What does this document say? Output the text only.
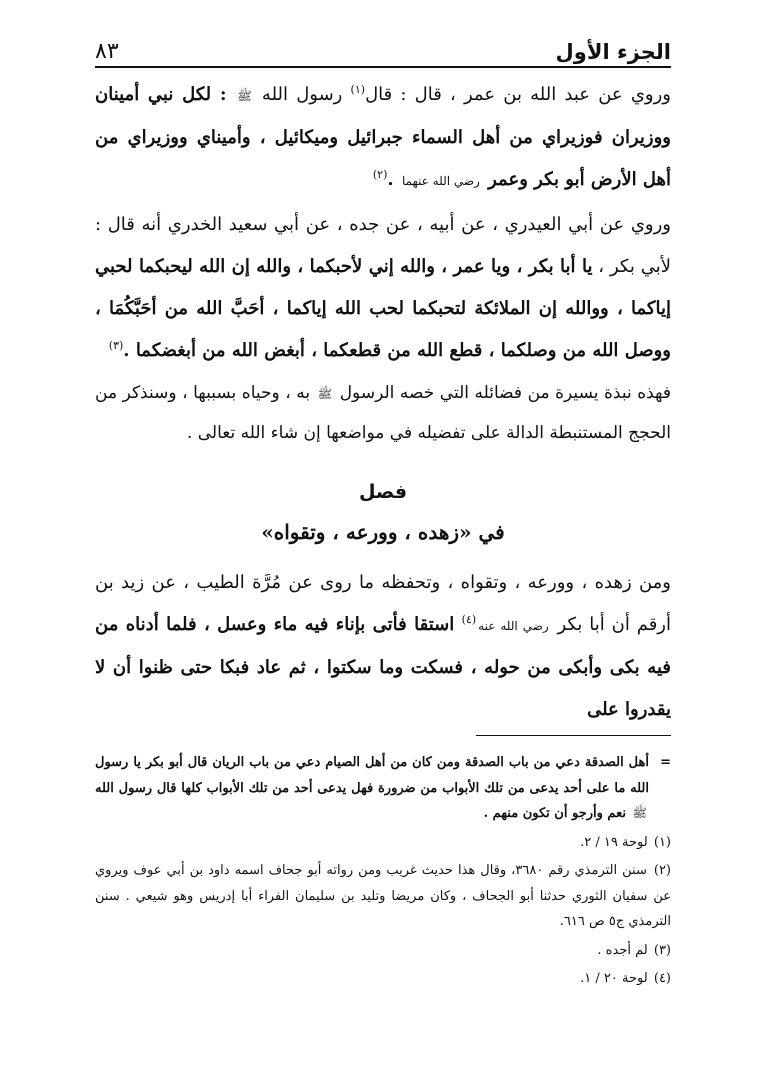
الجزء الأول
٨٣

وروي عن عبد الله بن عمر ، قال : قال$^{(١)}$ رسول الله ﷺ : لكل نبي أمينان ووزيران فوزيراي من أهل السماء جبرائيل وميكائيل ، وأميناي ووزيراي من أهل الأرض أبو بكر وعمر رضي الله عنهما .$^{(٢)}$

وروي عن أبي العيدري ، عن أبيه ، عن جده ، عن أبي سعيد الخدري أنه قال : لأبي بكر ، يا أبا بكر ، ويا عمر ، والله إني لأحبكما ، والله إن الله ليحبكما لحبي إياكما ، ووالله إن الملائكة لتحبكما لحب الله إياكما ، أحَبَّ الله من أحَبَّكُمَا ، ووصل الله من وصلكما ، قطع الله من قطعكما ، أبغض الله من أبغضكما .$^{(٣)}$

فهذه نبذة يسيرة من فضائله التي خصه الرسول ﷺ به ، وحياه بسببها ، وسنذكر من الحجج المستنبطة الدالة على تفضيله في مواضعها إن شاء الله تعالى .

فصل

في «زهده ، وورعه ، وتقواه»

ومن زهده ، وورعه ، وتقواه ، وتحفظه ما روى عن مُرَّة الطيب ، عن زيد بن أرقم أن أبا بكر رضي الله عنه$^{(٤)}$ استقا فأتى بإناء فيه ماء وعسل ، فلما أدناه من فيه بكى وأبكى من حوله ، فسكت وما سكتوا ، ثم عاد فبكا حتى ظنوا أن لا يقدروا على

=
أهل الصدقة دعي من باب الصدقة ومن كان من أهل الصيام دعي من باب الريان قال أبو بكر يا رسول الله ما على أحد يدعى من تلك الأبواب من ضرورة فهل يدعى أحد من تلك الأبواب كلها قال رسول الله ﷺ نعم وأرجو أن تكون منهم .
(١) لوحة ١٩ / ٢.
(٢) سنن الترمذي رقم ٣٦٨٠، وقال هذا حديث غريب ومن رواته أبو جحاف اسمه داود بن أبي عوف ويروي عن سفيان الثوري حدثنا أبو الجحاف ، وكان مريضا وتليد بن سليمان الفراء أبا إدريس وهو شيعي . سنن الترمذي ج٥ ص ٦١٦.
(٣) لم أجده .
(٤) لوحة ٢٠ / ١.
